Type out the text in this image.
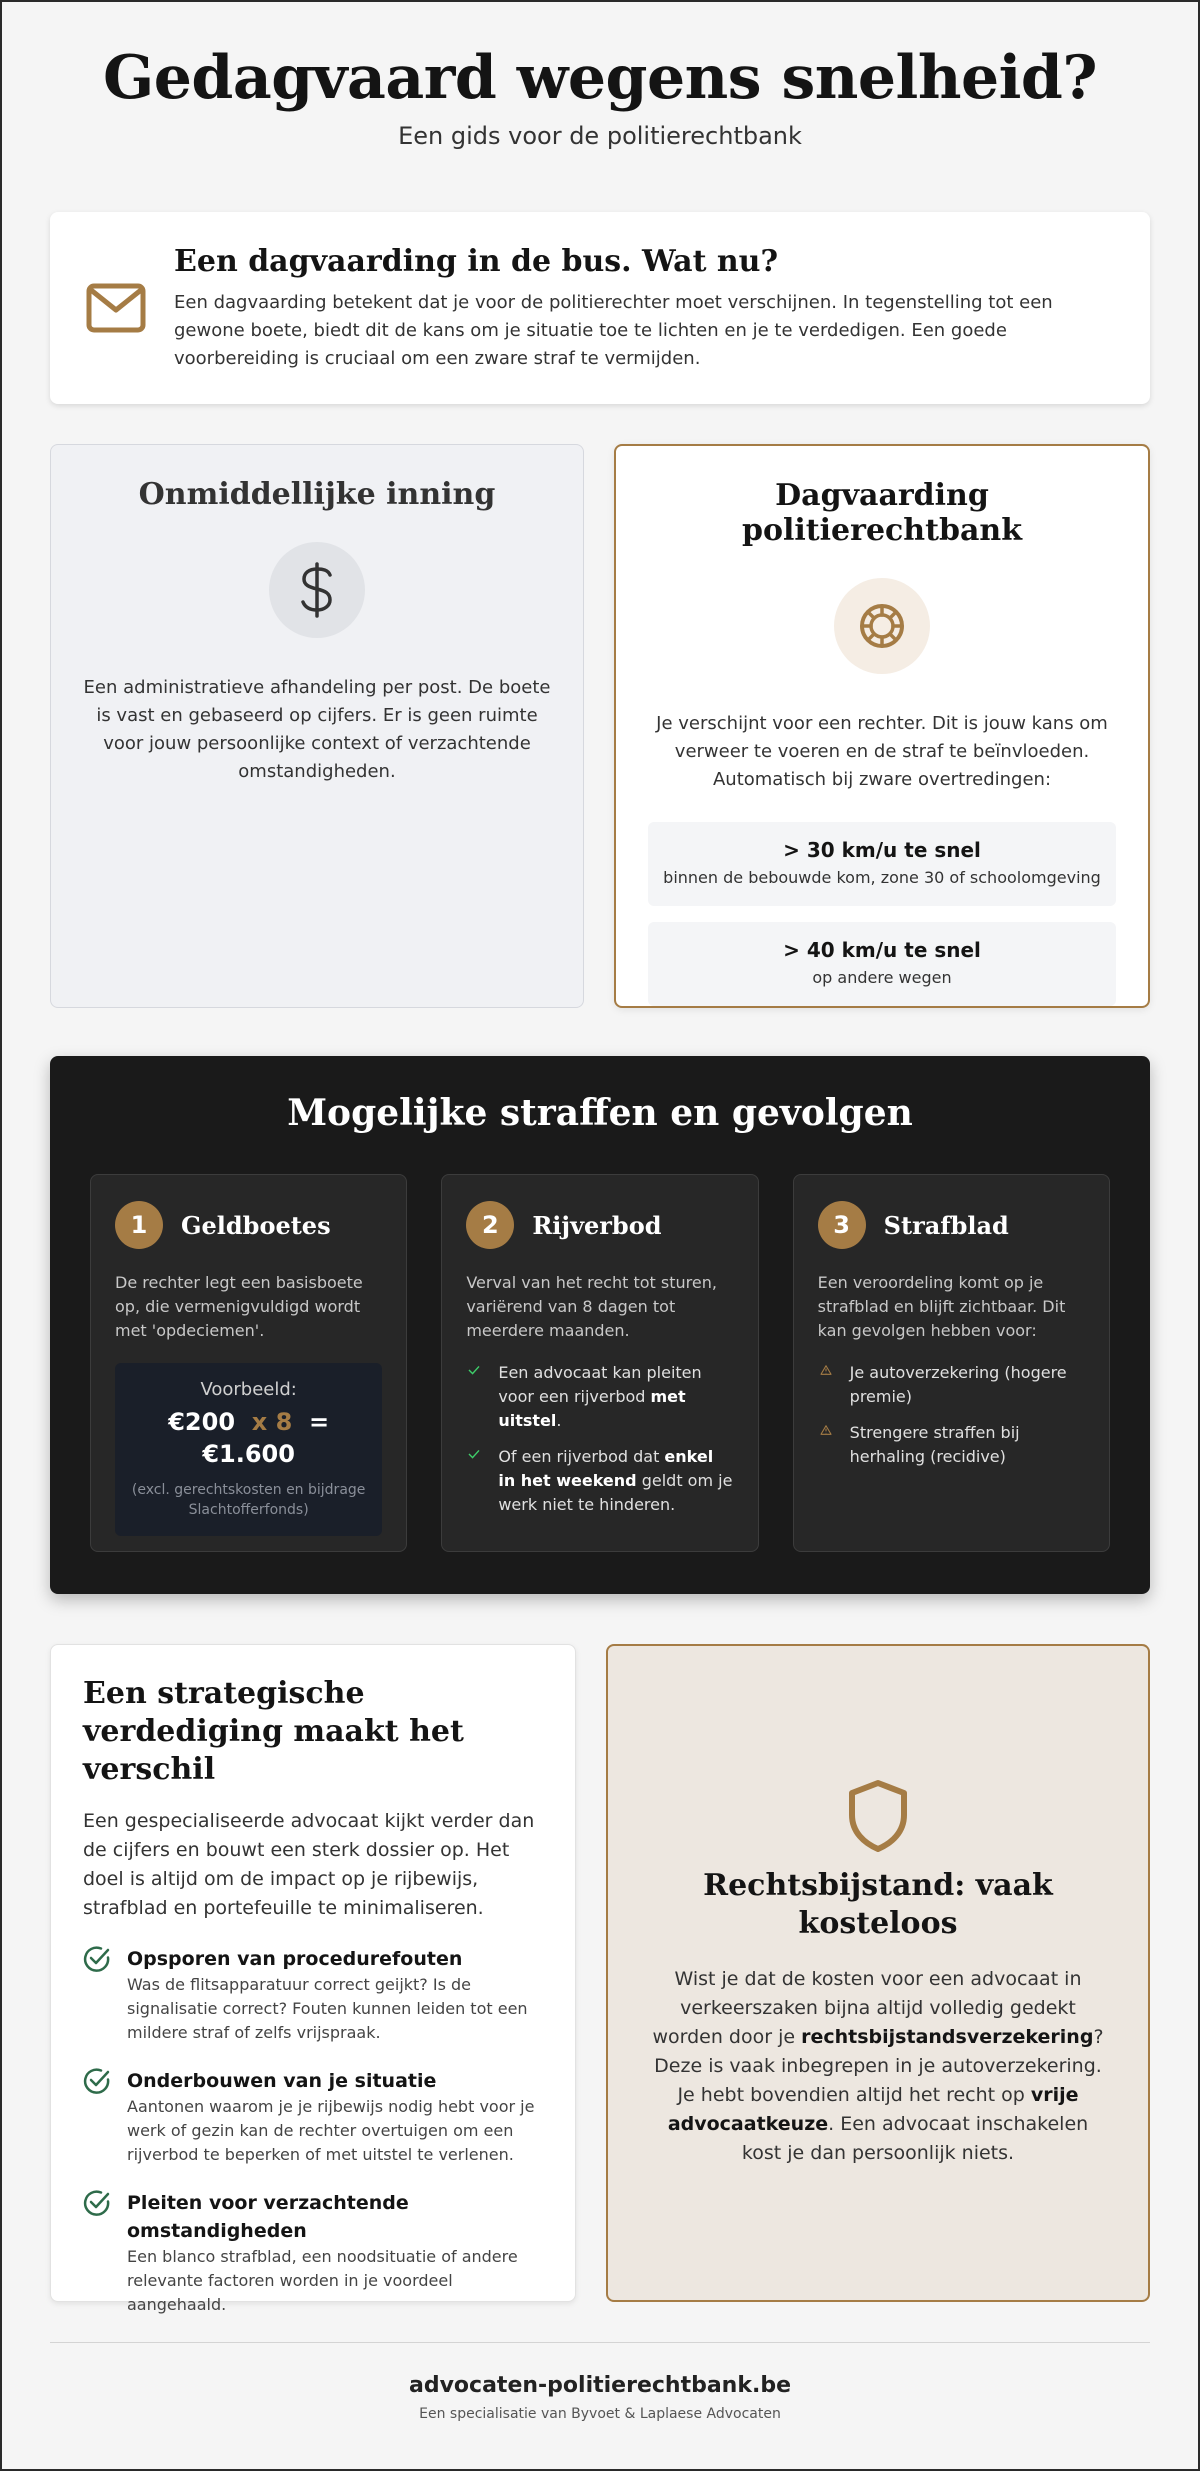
Gedagvaard wegens snelheid?

Een gids voor de politierechtbank

Een dagvaarding in de bus. Wat nu?

Een dagvaarding betekent dat je voor de politierechter moet verschijnen. In tegenstelling tot een gewone boete, biedt dit de kans om je situatie toe te lichten en je te verdedigen. Een goede voorbereiding is cruciaal om een zware straf te vermijden.

Onmiddellijke inning

Een administratieve afhandeling per post. De boete is vast en gebaseerd op cijfers. Er is geen ruimte voor jouw persoonlijke context of verzachtende omstandigheden.

Dagvaarding politierechtbank

Je verschijnt voor een rechter. Dit is jouw kans om verweer te voeren en de straf te beïnvloeden. Automatisch bij zware overtredingen:

> 30 km/u te snel
binnen de bebouwde kom, zone 30 of schoolomgeving
> 40 km/u te snel
op andere wegen
Mogelijke straffen en gevolgen
1	Geldboetes

De rechter legt een basisboete op, die vermenigvuldigd wordt met 'opdeciemen'.

Voorbeeld:
€200 x 8 =
€1.600
(excl. gerechtskosten en bijdrage Slachtofferfonds)
2	Rijverbod

Verval van het recht tot sturen, variërend van 8 dagen tot meerdere maanden.

Een advocaat kan pleiten voor een rijverbod met uitstel.
Of een rijverbod dat enkel in het weekend geldt om je werk niet te hinderen.
3	Strafblad

Een veroordeling komt op je strafblad en blijft zichtbaar. Dit kan gevolgen hebben voor:

Je autoverzekering (hogere premie)
Strengere straffen bij herhaling (recidive)
Een strategische verdediging maakt het verschil

Een gespecialiseerde advocaat kijkt verder dan de cijfers en bouwt een sterk dossier op. Het doel is altijd om de impact op je rijbewijs, strafblad en portefeuille te minimaliseren.

Opsporen van procedurefouten

Was de flitsapparatuur correct geijkt? Is de signalisatie correct? Fouten kunnen leiden tot een mildere straf of zelfs vrijspraak.

Onderbouwen van je situatie

Aantonen waarom je je rijbewijs nodig hebt voor je werk of gezin kan de rechter overtuigen om een rijverbod te beperken of met uitstel te verlenen.

Pleiten voor verzachtende omstandigheden

Een blanco strafblad, een noodsituatie of andere relevante factoren worden in je voordeel aangehaald.

Rechtsbijstand: vaak kosteloos

Wist je dat de kosten voor een advocaat in verkeerszaken bijna altijd volledig gedekt worden door je rechtsbijstandsverzekering? Deze is vaak inbegrepen in je autoverzekering. Je hebt bovendien altijd het recht op vrije advocaatkeuze. Een advocaat inschakelen kost je dan persoonlijk niets.

advocaten-politierechtbank.be
Een specialisatie van Byvoet & Laplaese Advocaten
